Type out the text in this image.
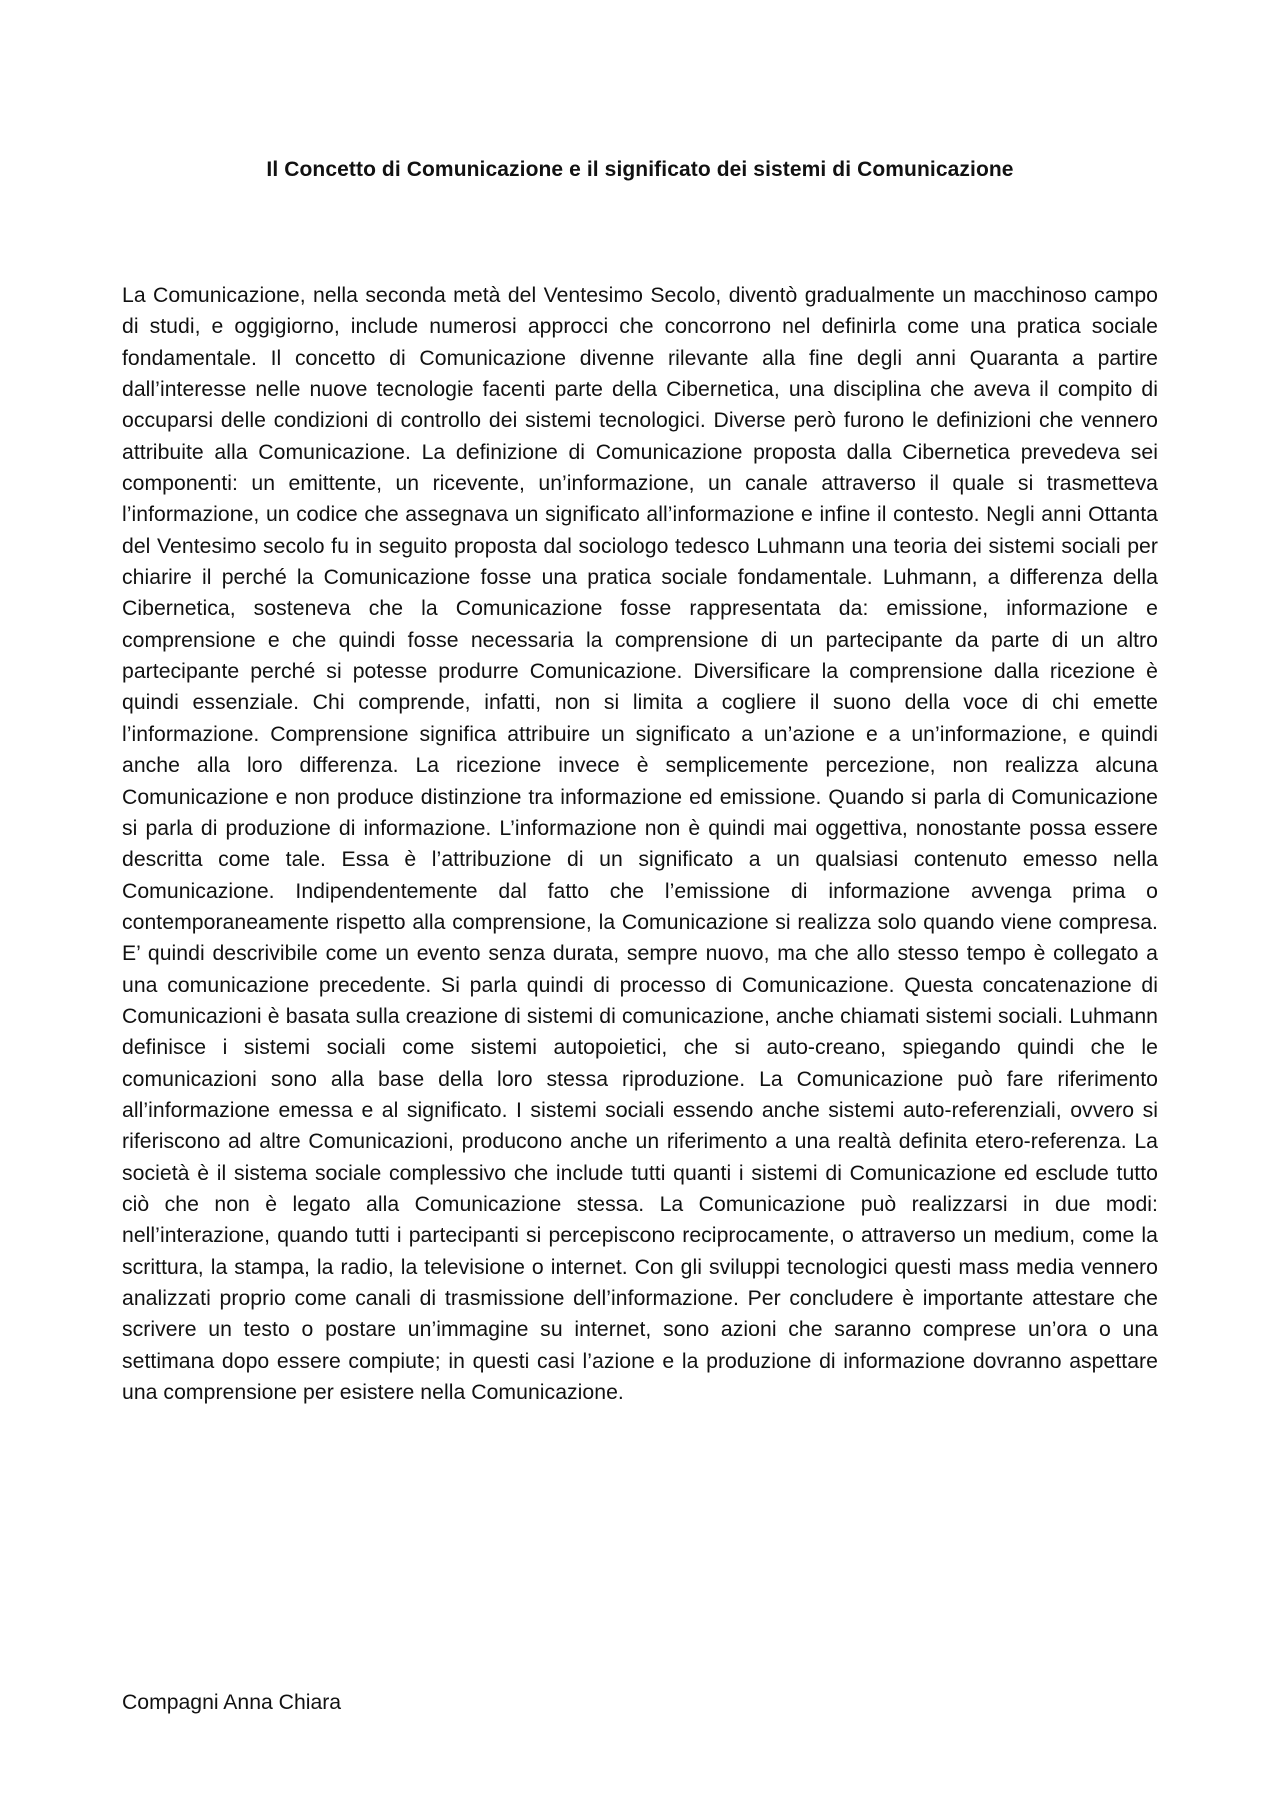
Il Concetto di Comunicazione e il significato dei sistemi di Comunicazione

La Comunicazione, nella seconda metà del Ventesimo Secolo, diventò gradualmente un macchinoso campo di studi, e oggigiorno, include numerosi approcci che concorrono nel definirla come una pratica sociale fondamentale. Il concetto di Comunicazione divenne rilevante alla fine degli anni Quaranta a partire dall’interesse nelle nuove tecnologie facenti parte della Cibernetica, una disciplina che aveva il compito di occuparsi delle condizioni di controllo dei sistemi tecnologici. Diverse però furono le definizioni che vennero attribuite alla Comunicazione. La definizione di Comunicazione proposta dalla Cibernetica prevedeva sei componenti: un emittente, un ricevente, un’informazione, un canale attraverso il quale si trasmetteva l’informazione, un codice che assegnava un significato all’informazione e infine il contesto. Negli anni Ottanta del Ventesimo secolo fu in seguito proposta dal sociologo tedesco Luhmann una teoria dei sistemi sociali per chiarire il perché la Comunicazione fosse una pratica sociale fondamentale. Luhmann, a differenza della Cibernetica, sosteneva che la Comunicazione fosse rappresentata da: emissione, informazione e comprensione e che quindi fosse necessaria la comprensione di un partecipante da parte di un altro partecipante perché si potesse produrre Comunicazione. Diversificare la comprensione dalla ricezione è quindi essenziale. Chi comprende, infatti, non si limita a cogliere il suono della voce di chi emette l’informazione. Comprensione significa attribuire un significato a un’azione e a un’informazione, e quindi anche alla loro differenza. La ricezione invece è semplicemente percezione, non realizza alcuna Comunicazione e non produce distinzione tra informazione ed emissione. Quando si parla di Comunicazione si parla di produzione di informazione. L’informazione non è quindi mai oggettiva, nonostante possa essere descritta come tale. Essa è l’attribuzione di un significato a un qualsiasi contenuto emesso nella Comunicazione. Indipendentemente dal fatto che l’emissione di informazione avvenga prima o contemporaneamente rispetto alla comprensione, la Comunicazione si realizza solo quando viene compresa. E’ quindi descrivibile come un evento senza durata, sempre nuovo, ma che allo stesso tempo è collegato a una comunicazione precedente. Si parla quindi di processo di Comunicazione. Questa concatenazione di Comunicazioni è basata sulla creazione di sistemi di comunicazione, anche chiamati sistemi sociali. Luhmann definisce i sistemi sociali come sistemi autopoietici, che si auto-creano, spiegando quindi che le comunicazioni sono alla base della loro stessa riproduzione. La Comunicazione può fare riferimento all’informazione emessa e al significato. I sistemi sociali essendo anche sistemi auto-referenziali, ovvero si riferiscono ad altre Comunicazioni, producono anche un riferimento a una realtà definita etero-referenza. La società è il sistema sociale complessivo che include tutti quanti i sistemi di Comunicazione ed esclude tutto ciò che non è legato alla Comunicazione stessa. La Comunicazione può realizzarsi in due modi: nell’interazione, quando tutti i partecipanti si percepiscono reciprocamente, o attraverso un medium, come la scrittura, la stampa, la radio, la televisione o internet. Con gli sviluppi tecnologici questi mass media vennero analizzati proprio come canali di trasmissione dell’informazione. Per concludere è importante attestare che scrivere un testo o postare un’immagine su internet, sono azioni che saranno comprese un’ora o una settimana dopo essere compiute; in questi casi l’azione e la produzione di informazione dovranno aspettare una comprensione per esistere nella Comunicazione.

Compagni Anna Chiara
